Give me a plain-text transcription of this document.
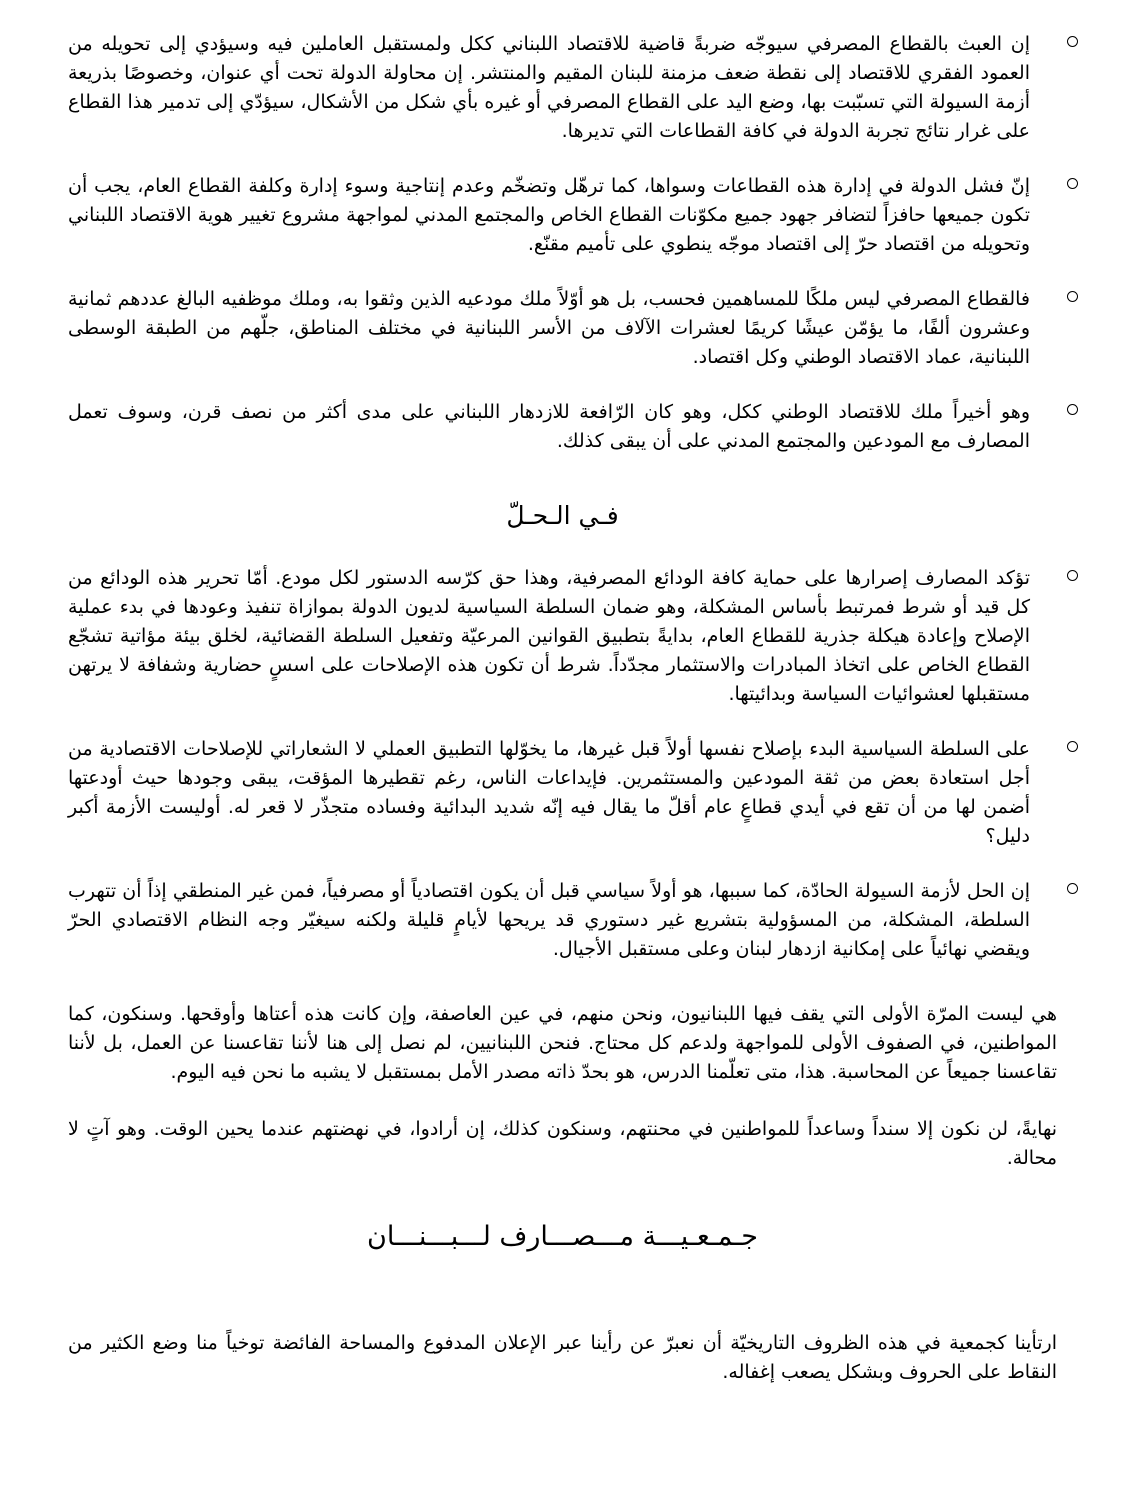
إن العبث بالقطاع المصرفي سيوجّه ضربةً قاضية للاقتصاد اللبناني ككل ولمستقبل العاملين فيه وسيؤدي إلى تحويله من العمود الفقري للاقتصاد إلى نقطة ضعف مزمنة للبنان المقيم والمنتشر. إن محاولة الدولة تحت أي عنوان، وخصوصًا بذريعة أزمة السيولة التي تسبّبت بها، وضع اليد على القطاع المصرفي أو غيره بأي شكل من الأشكال، سيؤدّي إلى تدمير هذا القطاع على غرار نتائج تجربة الدولة في كافة القطاعات التي تديرها.
إنّ فشل الدولة في إدارة هذه القطاعات وسواها، كما ترهّل وتضخّم وعدم إنتاجية وسوء إدارة وكلفة القطاع العام، يجب أن تكون جميعها حافزاً لتضافر جهود جميع مكوّنات القطاع الخاص والمجتمع المدني لمواجهة مشروع تغيير هوية الاقتصاد اللبناني وتحويله من اقتصاد حرّ إلى اقتصاد موجّه ينطوي على تأميم مقنّع.
فالقطاع المصرفي ليس ملكًا للمساهمين فحسب، بل هو أوّلاً ملك مودعيه الذين وثقوا به، وملك موظفيه البالغ عددهم ثمانية وعشرون ألفًا، ما يؤمّن عيشًا كريمًا لعشرات الآلاف من الأسر اللبنانية في مختلف المناطق، جلّهم من الطبقة الوسطى اللبنانية، عماد الاقتصاد الوطني وكل اقتصاد.
وهو أخيراً ملك للاقتصاد الوطني ككل، وهو كان الرّافعة للازدهار اللبناني على مدى أكثر من نصف قرن، وسوف تعمل المصارف مع المودعين والمجتمع المدني على أن يبقى كذلك.
فـي الـحـلّ
تؤكد المصارف إصرارها على حماية كافة الودائع المصرفية، وهذا حق كرّسه الدستور لكل مودع. أمّا تحرير هذه الودائع من كل قيد أو شرط فمرتبط بأساس المشكلة، وهو ضمان السلطة السياسية لديون الدولة بموازاة تنفيذ وعودها في بدء عملية الإصلاح وإعادة هيكلة جذرية للقطاع العام، بدايةً بتطبيق القوانين المرعيّة وتفعيل السلطة القضائية، لخلق بيئة مؤاتية تشجّع القطاع الخاص على اتخاذ المبادرات والاستثمار مجدّداً. شرط أن تكون هذه الإصلاحات على اسسٍ حضارية وشفافة لا يرتهن مستقبلها لعشوائيات السياسة وبدائيتها.
على السلطة السياسية البدء بإصلاح نفسها أولاً قبل غيرها، ما يخوّلها التطبيق العملي لا الشعاراتي للإصلاحات الاقتصادية من أجل استعادة بعض من ثقة المودعين والمستثمرين. فإيداعات الناس، رغم تقطيرها المؤقت، يبقى وجودها حيث أودعتها أضمن لها من أن تقع في أيدي قطاعٍ عام أقلّ ما يقال فيه إنّه شديد البدائية وفساده متجذّر لا قعر له. أوليست الأزمة أكبر دليل؟
إن الحل لأزمة السيولة الحادّة، كما سببها، هو أولاً سياسي قبل أن يكون اقتصادياً أو مصرفياً، فمن غير المنطقي إذاً أن تتهرب السلطة، المشكلة، من المسؤولية بتشريع غير دستوري قد يريحها لأيامٍ قليلة ولكنه سيغيّر وجه النظام الاقتصادي الحرّ ويقضي نهائياً على إمكانية ازدهار لبنان وعلى مستقبل الأجيال.

هي ليست المرّة الأولى التي يقف فيها اللبنانيون، ونحن منهم، في عين العاصفة، وإن كانت هذه أعتاها وأوقحها. وسنكون، كما المواطنين، في الصفوف الأولى للمواجهة ولدعم كل محتاج. فنحن اللبنانيين، لم نصل إلى هنا لأننا تقاعسنا عن العمل، بل لأننا تقاعسنا جميعاً عن المحاسبة. هذا، متى تعلّمنا الدرس، هو بحدّ ذاته مصدر الأمل بمستقبل لا يشبه ما نحن فيه اليوم.

نهايةً، لن نكون إلا سنداً وساعداً للمواطنين في محنتهم، وسنكون كذلك، إن أرادوا، في نهضتهم عندما يحين الوقت. وهو آتٍ لا محالة.

جـمـعـيـــة مـــصـــارف لـــبـــنـــان

ارتأينا كجمعية في هذه الظروف التاريخيّة أن نعبرّ عن رأينا عبر الإعلان المدفوع والمساحة الفائضة توخياً منا وضع الكثير من النقاط على الحروف وبشكل يصعب إغفاله.
